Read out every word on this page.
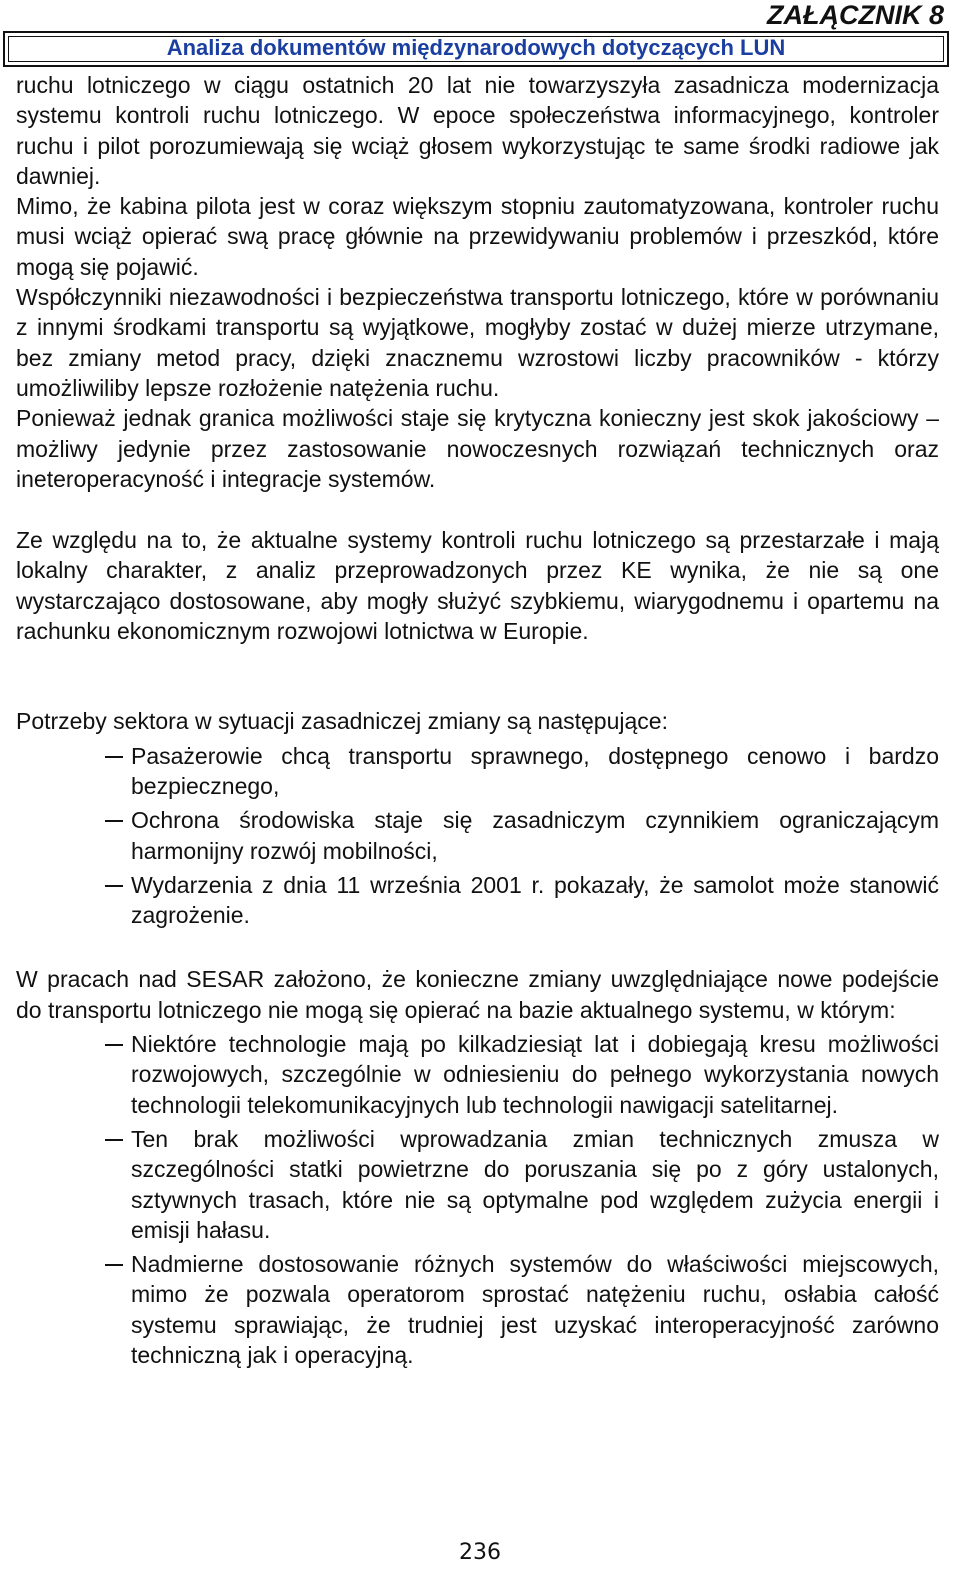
ZAŁĄCZNIK 8
Analiza dokumentów międzynarodowych dotyczących LUN

ruchu lotniczego w ciągu ostatnich 20 lat nie towarzyszyła zasadnicza modernizacja systemu kontroli ruchu lotniczego. W epoce społeczeństwa informacyjnego, kontroler ruchu i pilot porozumiewają się wciąż głosem wykorzystując te same środki radiowe jak dawniej.

Mimo, że kabina pilota jest w coraz większym stopniu zautomatyzowana, kontroler ruchu musi wciąż opierać swą pracę głównie na przewidywaniu problemów i przeszkód, które mogą się pojawić.

Współczynniki niezawodności i bezpieczeństwa transportu lotniczego, które w porównaniu z innymi środkami transportu są wyjątkowe, mogłyby zostać w dużej mierze utrzymane, bez zmiany metod pracy, dzięki znacznemu wzrostowi liczby pracowników - którzy umożliwiliby lepsze rozłożenie natężenia ruchu.

Ponieważ jednak granica możliwości staje się krytyczna konieczny jest skok jakościowy – możliwy jedynie przez zastosowanie nowoczesnych rozwiązań technicznych oraz ineteroperacyność i integracje systemów.

Ze względu na to, że aktualne systemy kontroli ruchu lotniczego są przestarzałe i mają lokalny charakter, z analiz przeprowadzonych przez KE wynika, że nie są one wystarczająco dostosowane, aby mogły służyć szybkiemu, wiarygodnemu i opartemu na rachunku ekonomicznym rozwojowi lotnictwa w Europie.

Potrzeby sektora w sytuacji zasadniczej zmiany są następujące:

Pasażerowie chcą transportu sprawnego, dostępnego cenowo i bardzo bezpiecznego,
Ochrona środowiska staje się zasadniczym czynnikiem ograniczającym harmonijny rozwój mobilności,
Wydarzenia z dnia 11 września 2001 r. pokazały, że samolot może stanowić zagrożenie.

W pracach nad SESAR założono, że konieczne zmiany uwzględniające nowe podejście do transportu lotniczego nie mogą się opierać na bazie aktualnego systemu, w którym:

Niektóre technologie mają po kilkadziesiąt lat i dobiegają kresu możliwości rozwojowych, szczególnie w odniesieniu do pełnego wykorzystania nowych technologii telekomunikacyjnych lub technologii nawigacji satelitarnej.
Ten brak możliwości wprowadzania zmian technicznych zmusza w szczególności statki powietrzne do poruszania się po z góry ustalonych, sztywnych trasach, które nie są optymalne pod względem zużycia energii i emisji hałasu.
Nadmierne dostosowanie różnych systemów do właściwości miejscowych, mimo że pozwala operatorom sprostać natężeniu ruchu, osłabia całość systemu sprawiając, że trudniej jest uzyskać interoperacyjność zarówno techniczną jak i operacyjną.
236
